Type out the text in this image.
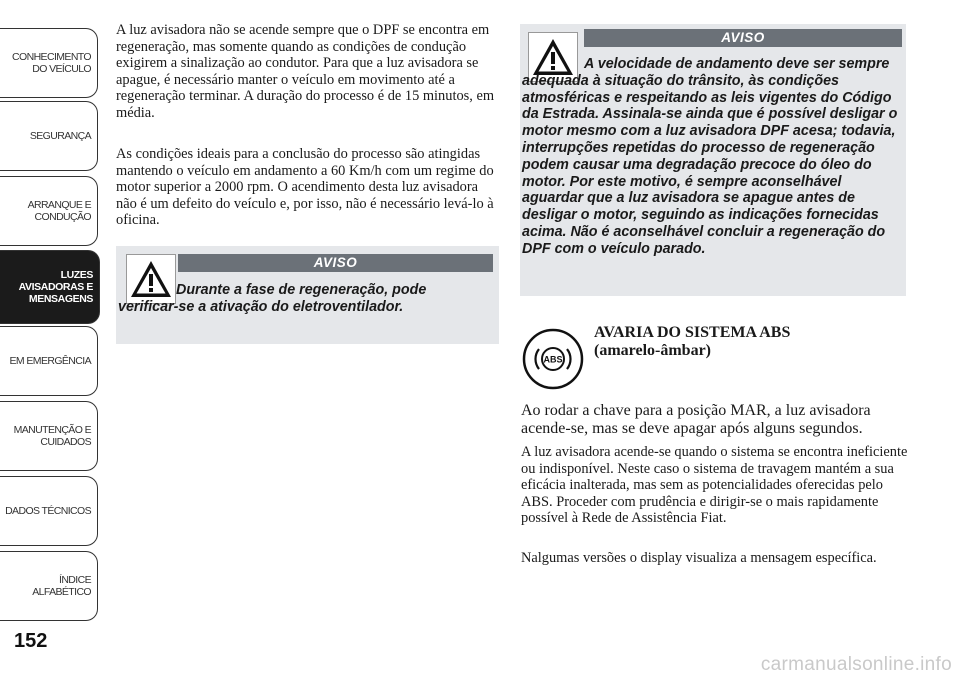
CONHECIMENTO
DO VEÍCULO
SEGURANÇA
ARRANQUE E
CONDUÇÃO
LUZES
AVISADORAS E
MENSAGENS
EM EMERGÊNCIA
MANUTENÇÃO E
CUIDADOS
DADOS TÉCNICOS
ÍNDICE ALFABÉTICO
152

A luz avisadora não se acende sempre que o DPF se encontra em regeneração, mas somente quando as condições de condução exigirem a sinalização ao condutor. Para que a luz avisadora se apague, é necessário manter o veículo em movimento até a regeneração terminar. A duração do processo é de 15 minutos, em média.

As condições ideais para a conclusão do processo são atingidas mantendo o veículo em andamento a 60 Km/h com um regime do motor superior a 2000 rpm. O acendimento desta luz avisadora não é um defeito do veículo e, por isso, não é necessário levá-lo à oficina.

AVISO

Durante a fase de regeneração, pode verificar-se a ativação do eletroventilador.

AVISO

A velocidade de andamento deve ser sempre adequada à situação do trânsito, às condições atmosféricas e respeitando as leis vigentes do Código da Estrada. Assinala-se ainda que é possível desligar o motor mesmo com a luz avisadora DPF acesa; todavia, interrupções repetidas do processo de regeneração podem causar uma degradação precoce do óleo do motor. Por este motivo, é sempre aconselhável aguardar que a luz avisadora se apague antes de desligar o motor, seguindo as indicações fornecidas acima. Não é aconselhável concluir a regeneração do DPF com o veículo parado.

ABS

AVARIA DO SISTEMA ABS

(amarelo-âmbar)

Ao rodar a chave para a posição MAR, a luz avisadora acende-se, mas se deve apagar após alguns segundos.

A luz avisadora acende-se quando o sistema se encontra ineficiente ou indisponível. Neste caso o sistema de travagem mantém a sua eficácia inalterada, mas sem as potencialidades oferecidas pelo ABS. Proceder com prudência e dirigir-se o mais rapidamente possível à Rede de Assistência Fiat.

Nalgumas versões o display visualiza a mensagem específica.

carmanualsonline.info
